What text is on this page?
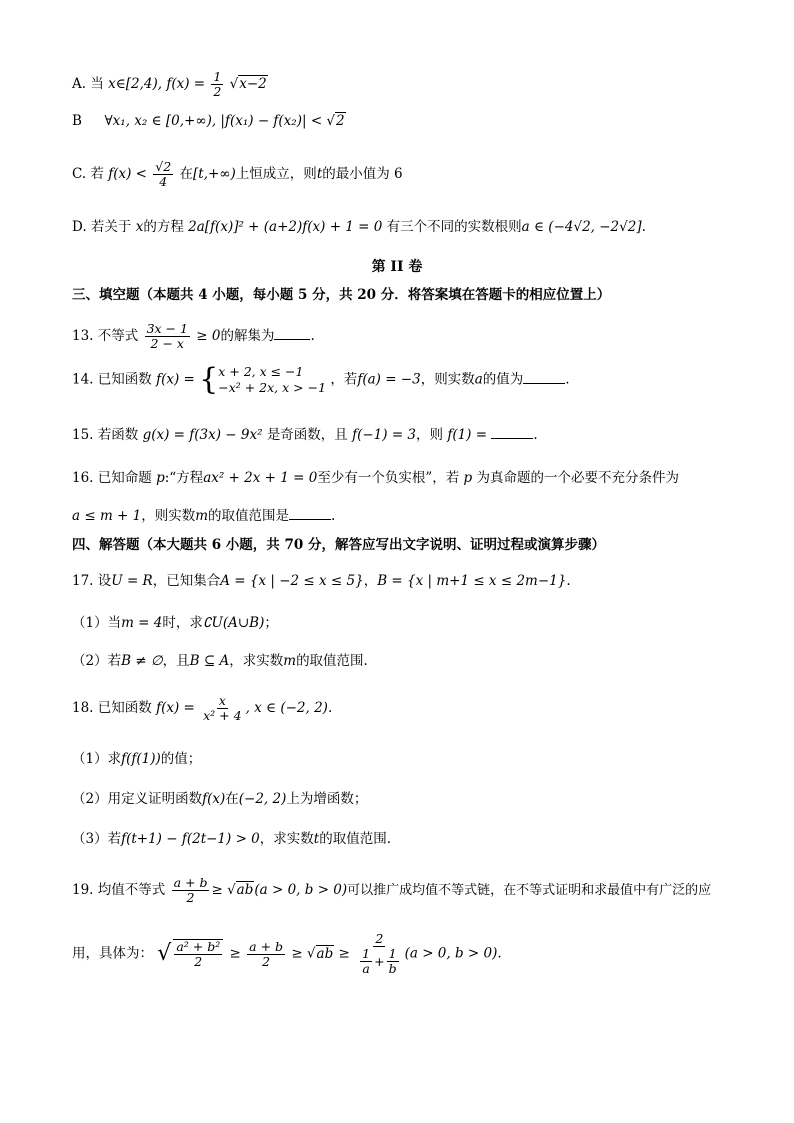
A. 当 x∈[2,4), $f(x) = \frac{1}{2} √x-2$
B ∀x₁, x₂ ∈ [0,+∞), |f(x₁) − f(x₂)| < √2
C. 若 $f(x) < \frac{√2}{4}$ 在[t,+∞)上恒成立，则t的最小值为 6
D. 若关于 x的方程 2a[f(x)]² + (a+2)f(x) + 1 = 0 有三个不同的实数根则a ∈ (−4√2, −2√2].
第 II 卷
三、填空题（本题共 4 小题，每小题 5 分，共 20 分．将答案填在答题卡的相应位置上）
13. 不等式 $\frac{3x - 1}{2 - x} \ge 0$的解集为	.
14. 已知函数 f(x) = { x + 2, x ≤ −1
−x² + 2x, x > −1 ，若f(a) = −3，则实数a的值为	.
15. 若函数 g(x) = f(3x) − 9x² 是奇函数，且 f(−1) = 3，则 f(1) =	.
16. 已知命题 p:“方程ax² + 2x + 1 = 0至少有一个负实根”，若 p 为真命题的一个必要不充分条件为
a ≤ m + 1，则实数m的取值范围是	.
四、解答题（本大题共 6 小题，共 70 分，解答应写出文字说明、证明过程或演算步骤）
17. 设U = R，已知集合A = {x | −2 ≤ x ≤ 5}，B = {x | m+1 ≤ x ≤ 2m−1}.
（1）当m = 4时，求∁U(A∪B)；
（2）若B ≠ ∅，且B ⊆ A，求实数m的取值范围.
18. 已知函数 $f(x) = \frac{x}{\text{x² + 4}}$ , x ∈ (−2, 2).
（1）求f(f(1))的值；
（2）用定义证明函数f(x)在(−2, 2)上为增函数；
（3）若f(t+1) − f(2t−1) > 0，求实数t的取值范围.
19. 均值不等式 $\frac{a + b}{2} \ge √ab(a > 0$, b > 0)可以推广成均值不等式链，在不等式证明和求最值中有广泛的应
用，具体为： √ $\frac{\text{a² + b²}}{2} \ge \frac{a + b}{2} \ge √ab \ge \frac{2}{\frac{1}{a} + \frac{1}{b}} (a > 0$, b > 0).
